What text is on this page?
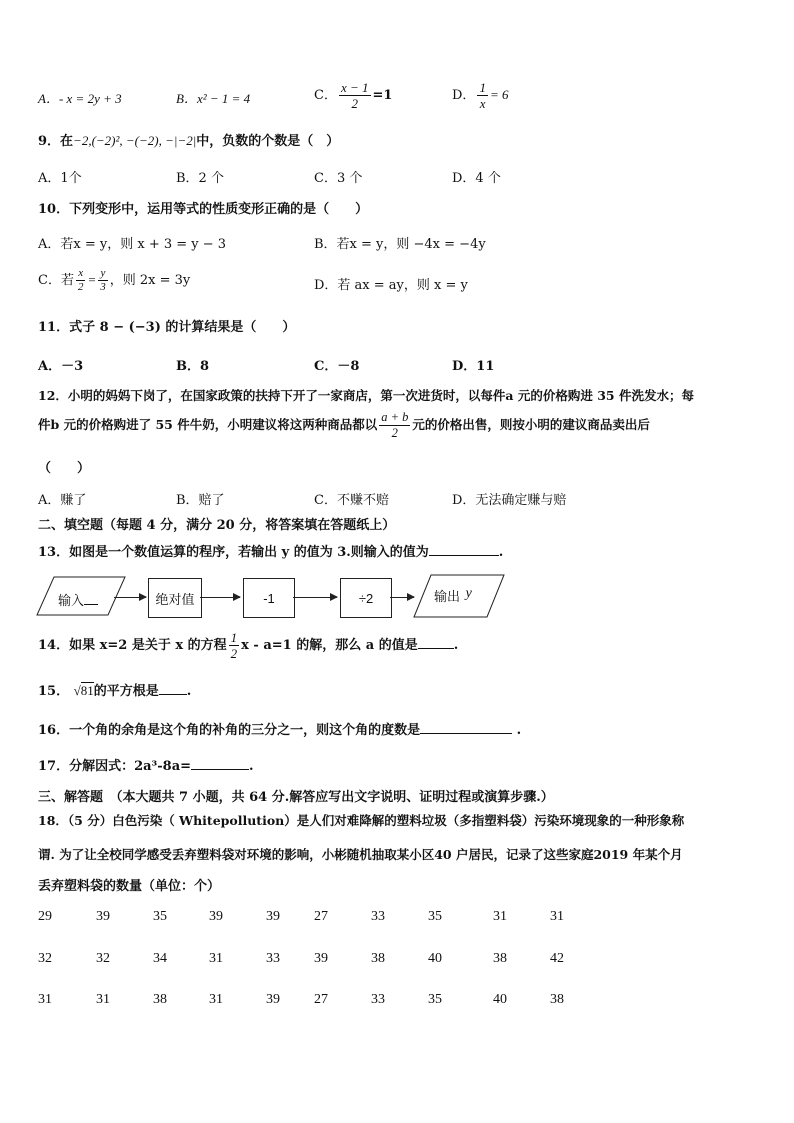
A．- x = 2y + 3	B．x² − 1 = 4	C． $\frac{x - 1}{2} =1$	D． $\frac{1}{x} = 6$
9．在−2,(−2)², −(−2), −|−2|中，负数的个数是（　）
A．1个	B．2 个	C．3 个	D．4 个
10．下列变形中，运用等式的性质变形正确的是（　　）
A．若x = y，则 x + 3 = y − 3	B．若x = y，则 −4x = −4y
C．若 $\frac{x}{2} = \frac{y}{3}$ ，则 2x = 3y	D．若 ax = ay，则 x = y
11．式子 8 − (−3) 的计算结果是（　　）
A．－3	B．8	C．－8	D．11
12．小明的妈妈下岗了，在国家政策的扶持下开了一家商店，第一次进货时，以每件a 元的价格购进 35 件洗发水；每
件b 元的价格购进了 55 件牛奶，小明建议将这两种商品都以 $\frac{a + b}{2}$ 元的价格出售，则按小明的建议商品卖出后
（　　）
A．赚了	B．赔了	C．不赚不赔	D．无法确定赚与赔
二、填空题（每题 4 分，满分 20 分，将答案填在答题纸上）
13．如图是一个数值运算的程序，若输出 y 的值为 3.则输入的值为	.
输入	绝对值	-1	÷2	输出 y
14．如果 x=2 是关于 x 的方程 $\frac{1}{2}$ x - a=1 的解，那么 a 的值是	.
15． √81的平方根是 .
16．一个角的余角是这个角的补角的三分之一，则这个角的度数是	.
17．分解因式：2a³-8a=	.
三、解答题　（本大题共 7 小题，共 64 分.解答应写出文字说明、证明过程或演算步骤.）
18．（5 分）白色污染（ Whitepollution）是人们对难降解的塑料垃圾（多指塑料袋）污染环境现象的一种形象称
谓. 为了让全校同学感受丢弃塑料袋对环境的影响，小彬随机抽取某小区40 户居民，记录了这些家庭2019 年某个月
丢弃塑料袋的数量（单位：个）
29	39	35	39	39 27	33	35	31	31
32	32	34	31	33 39	38	40	38	42
31	31	38	31	39 27	33	35	40	38
